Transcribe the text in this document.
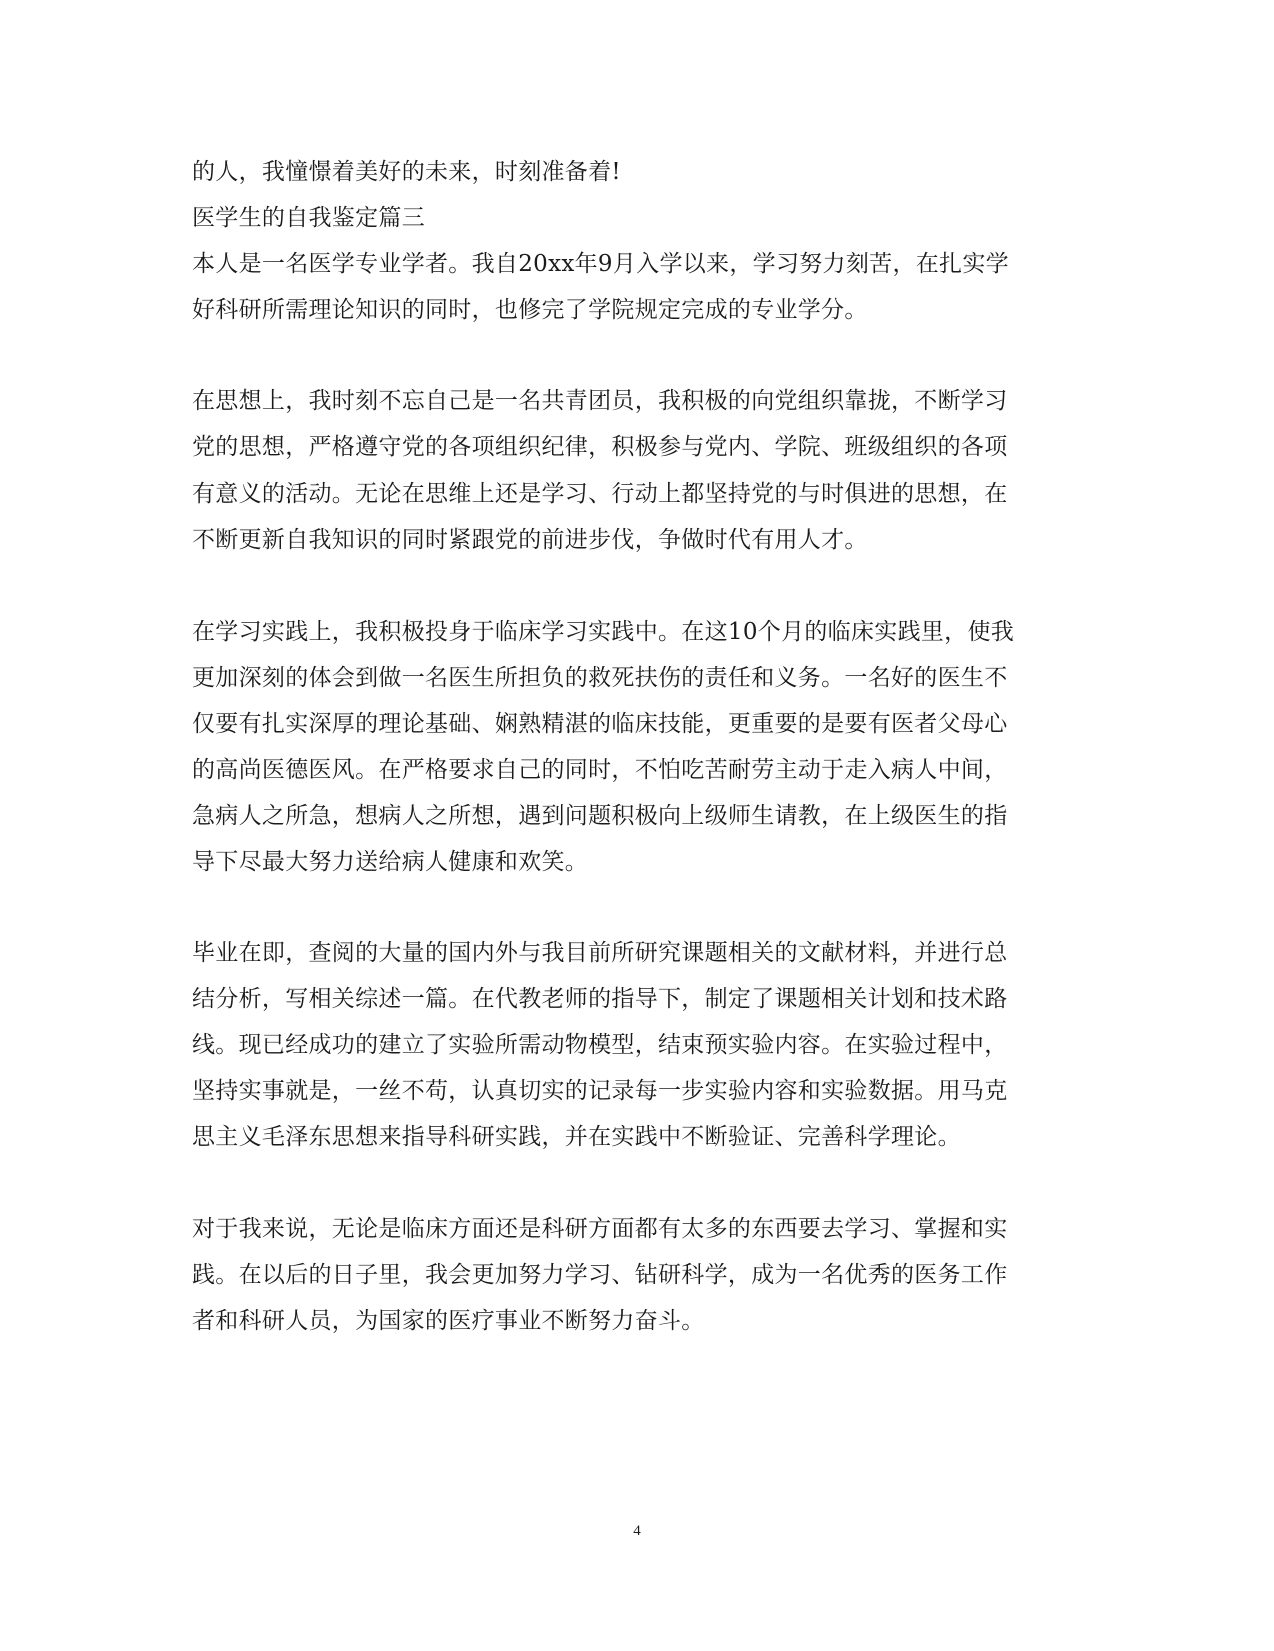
的人，我憧憬着美好的未来，时刻准备着!
医学生的自我鉴定篇三
本人是一名医学专业学者。我自20xx年9月入学以来，学习努力刻苦，在扎实学
好科研所需理论知识的同时，也修完了学院规定完成的专业学分。
在思想上，我时刻不忘自己是一名共青团员，我积极的向党组织靠拢，不断学习
党的思想，严格遵守党的各项组织纪律，积极参与党内、学院、班级组织的各项
有意义的活动。无论在思维上还是学习、行动上都坚持党的与时俱进的思想，在
不断更新自我知识的同时紧跟党的前进步伐，争做时代有用人才。
在学习实践上，我积极投身于临床学习实践中。在这10个月的临床实践里，使我
更加深刻的体会到做一名医生所担负的救死扶伤的责任和义务。一名好的医生不
仅要有扎实深厚的理论基础、娴熟精湛的临床技能，更重要的是要有医者父母心
的高尚医德医风。在严格要求自己的同时，不怕吃苦耐劳主动于走入病人中间，
急病人之所急，想病人之所想，遇到问题积极向上级师生请教，在上级医生的指
导下尽最大努力送给病人健康和欢笑。
毕业在即，查阅的大量的国内外与我目前所研究课题相关的文献材料，并进行总
结分析，写相关综述一篇。在代教老师的指导下，制定了课题相关计划和技术路
线。现已经成功的建立了实验所需动物模型，结束预实验内容。在实验过程中，
坚持实事就是，一丝不苟，认真切实的记录每一步实验内容和实验数据。用马克
思主义毛泽东思想来指导科研实践，并在实践中不断验证、完善科学理论。
对于我来说，无论是临床方面还是科研方面都有太多的东西要去学习、掌握和实
践。在以后的日子里，我会更加努力学习、钻研科学，成为一名优秀的医务工作
者和科研人员，为国家的医疗事业不断努力奋斗。
4
